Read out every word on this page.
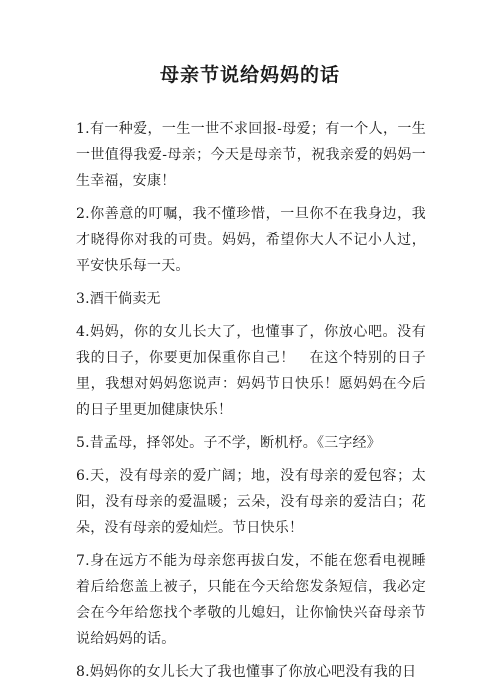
母亲节说给妈妈的话

1.有一种爱，一生一世不求回报-母爱；有一个人，一生一世值得我爱-母亲；今天是母亲节，祝我亲爱的妈妈一生幸福，安康！

2.你善意的叮嘱，我不懂珍惜，一旦你不在我身边，我才晓得你对我的可贵。妈妈，希望你大人不记小人过，平安快乐每一天。

3.酒干倘卖无

4.妈妈，你的女儿长大了，也懂事了，你放心吧。没有我的日子，你要更加保重你自己！　在这个特别的日子里，我想对妈妈您说声：妈妈节日快乐！愿妈妈在今后的日子里更加健康快乐！

5.昔孟母，择邻处。子不学，断机杼。《三字经》

6.天，没有母亲的爱广阔；地，没有母亲的爱包容；太阳，没有母亲的爱温暖；云朵，没有母亲的爱洁白；花朵，没有母亲的爱灿烂。节日快乐！

7.身在远方不能为母亲您再拔白发，不能在您看电视睡着后给您盖上被子，只能在今天给您发条短信，我必定会在今年给您找个孝敬的儿媳妇，让你愉快兴奋母亲节说给妈妈的话。

8.妈妈你的女儿长大了我也懂事了你放心吧没有我的日
